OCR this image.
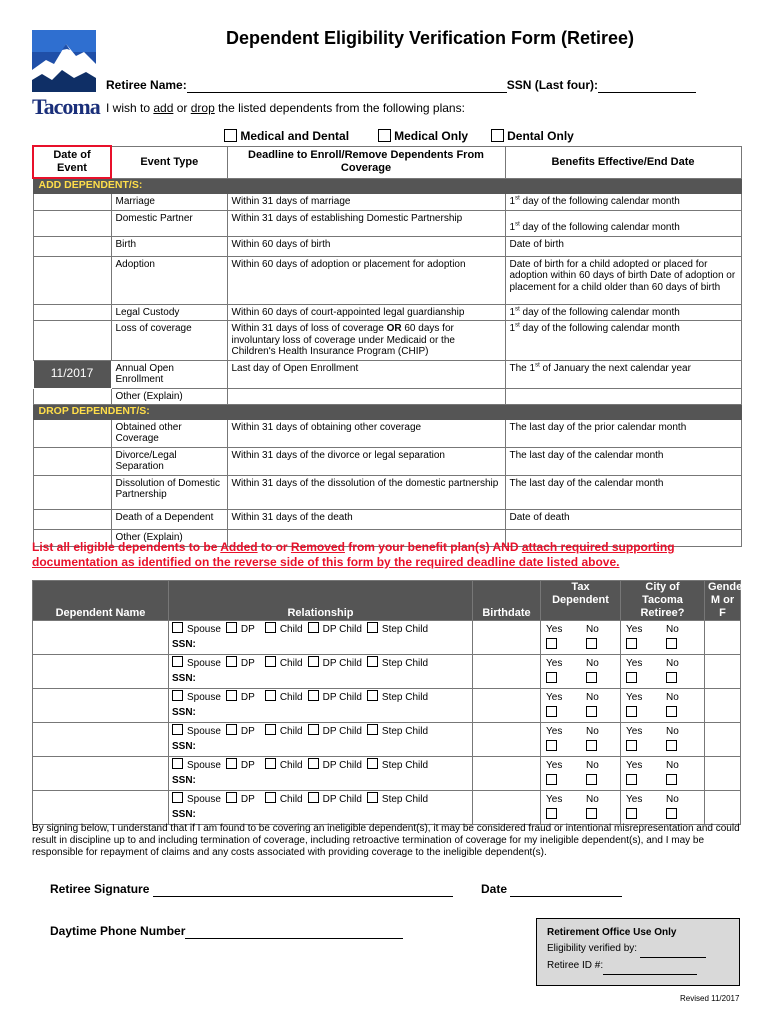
Tacoma
Dependent Eligibility Verification Form (Retiree)
Retiree Name:	SSN (Last four):
I wish to add or drop the listed dependents from the following plans:
Medical and Dental	Medical Only	Dental Only
Date of Event	Event Type	Deadline to Enroll/Remove Dependents From Coverage	Benefits Effective/End Date
ADD DEPENDENT/S:			
	Marriage	Within 31 days of marriage	1st day of the following calendar month
	Domestic Partner	Within 31 days of establishing Domestic Partnership	1st day of the following calendar month
	Birth	Within 60 days of birth	Date of birth
	Adoption	Within 60 days of adoption or placement for adoption	Date of birth for a child adopted or placed for adoption within 60 days of birth Date of adoption or placement for a child older than 60 days of birth
	Legal Custody	Within 60 days of court-appointed legal guardianship	1st day of the following calendar month
	Loss of coverage	Within 31 days of loss of coverage OR 60 days for involuntary loss of coverage under Medicaid or the Children's Health Insurance Program (CHIP)	1st day of the following calendar month
11/2017	Annual Open Enrollment	Last day of Open Enrollment	The 1st of January the next calendar year
	Other (Explain)		
DROP DEPENDENT/S:			
	Obtained other Coverage	Within 31 days of obtaining other coverage	The last day of the prior calendar month
	Divorce/Legal Separation	Within 31 days of the divorce or legal separation	The last day of the calendar month
	Dissolution of Domestic Partnership	Within 31 days of the dissolution of the domestic partnership	The last day of the calendar month
	Death of a Dependent	Within 31 days of the death	Date of death
	Other (Explain)		
List all eligible dependents to be Added to or Removed from your benefit plan(s) AND attach required supporting documentation as identified on the reverse side of this form by the required deadline date listed above.
Dependent Name	Relationship	Birthdate	Tax Dependent	City of Tacoma Retiree?	Gender M or F

	Spouse DP Child DP Child Step Child
SSN:		Yes No	Yes No	

	Spouse DP Child DP Child Step Child
SSN:		Yes No	Yes No	

	Spouse DP Child DP Child Step Child
SSN:		Yes No	Yes No	

	Spouse DP Child DP Child Step Child
SSN:		Yes No	Yes No	

	Spouse DP Child DP Child Step Child
SSN:		Yes No	Yes No	

	Spouse DP Child DP Child Step Child
SSN:		Yes No	Yes No	

By signing below, I understand that if I am found to be covering an ineligible dependent(s), it may be considered fraud or intentional misrepresentation and could result in discipline up to and including termination of coverage, including retroactive termination of coverage for my ineligible dependent(s), and I may be responsible for repayment of claims and any costs associated with providing coverage to the ineligible dependent(s).
Retiree Signature	Date
Daytime Phone Number	Retirement Office Use Only
Eligibility verified by:
Retiree ID #:
Revised 11/2017
